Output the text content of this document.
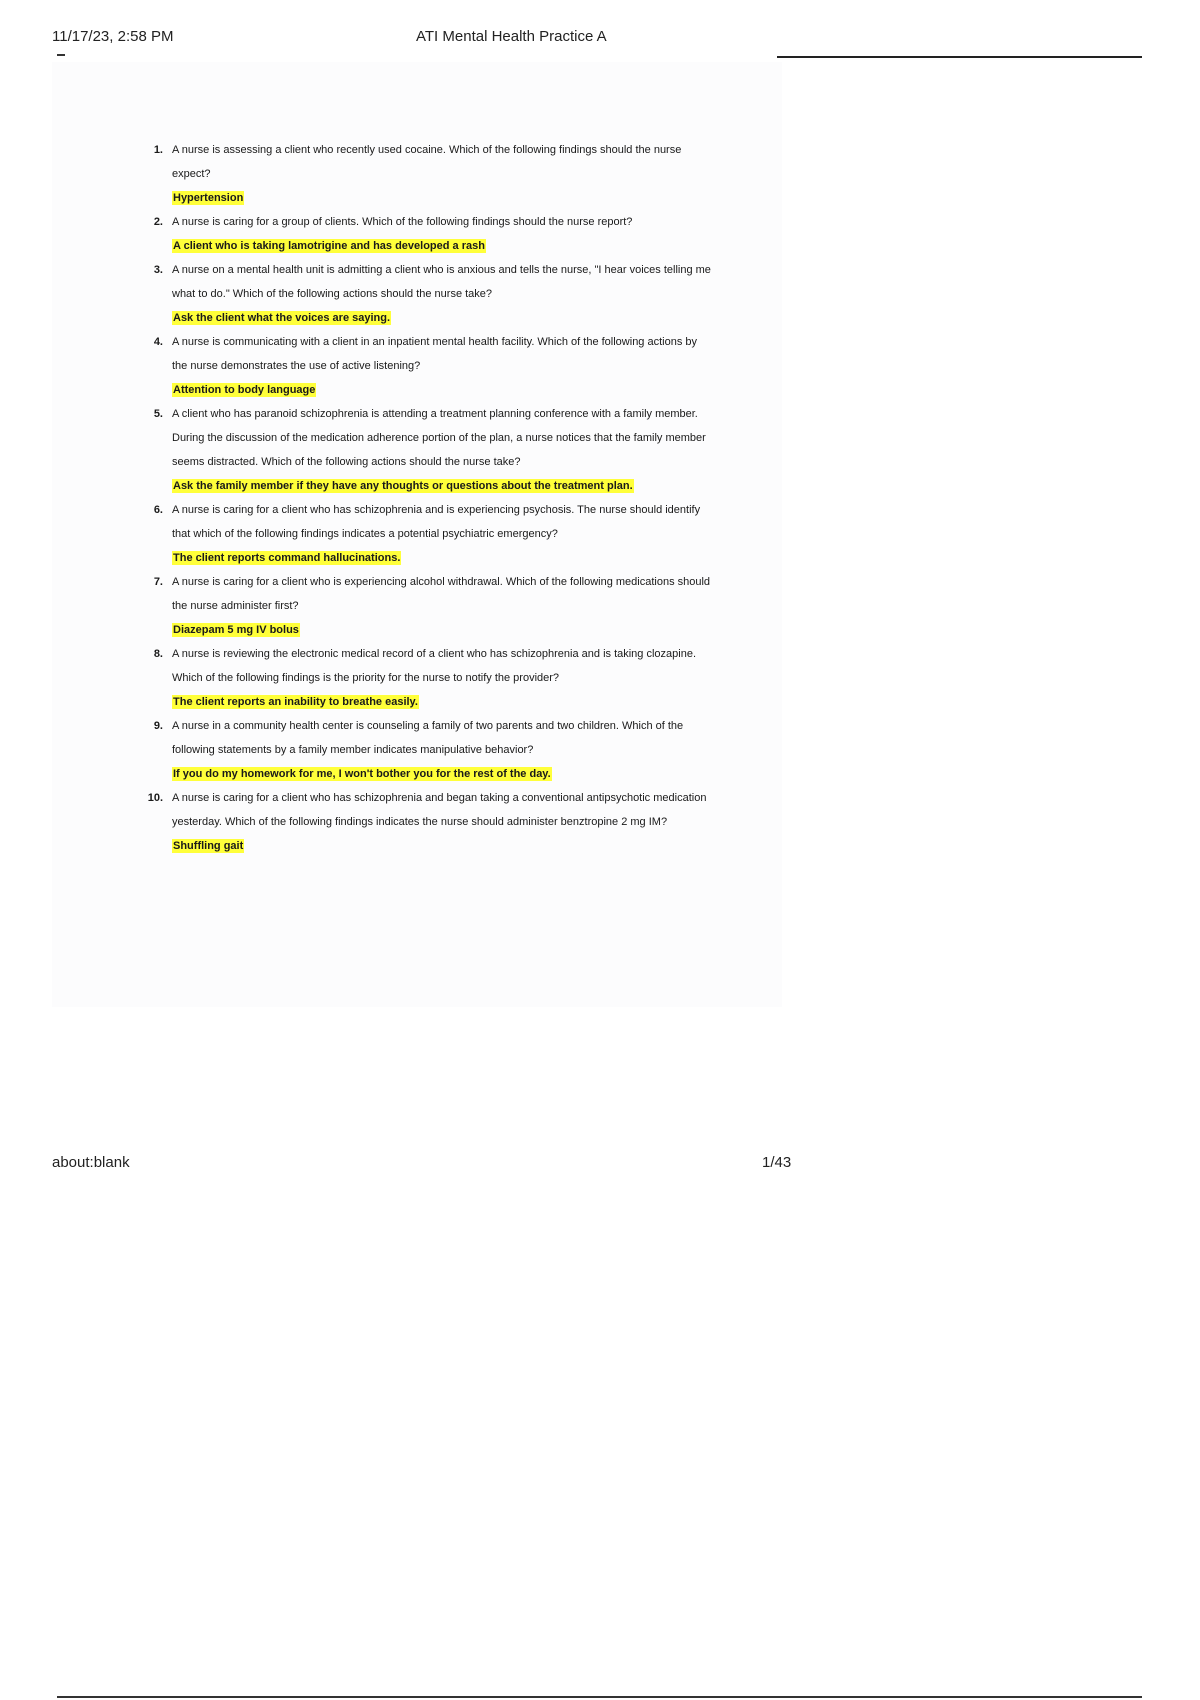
11/17/23, 2:58 PM	ATI Mental Health Practice A
1. A nurse is assessing a client who recently used cocaine. Which of the following findings should the nurse expect?
Hypertension
2. A nurse is caring for a group of clients. Which of the following findings should the nurse report?
A client who is taking lamotrigine and has developed a rash
3. A nurse on a mental health unit is admitting a client who is anxious and tells the nurse, "I hear voices telling me what to do." Which of the following actions should the nurse take?
Ask the client what the voices are saying.
4. A nurse is communicating with a client in an inpatient mental health facility. Which of the following actions by the nurse demonstrates the use of active listening?
Attention to body language
5. A client who has paranoid schizophrenia is attending a treatment planning conference with a family member. During the discussion of the medication adherence portion of the plan, a nurse notices that the family member seems distracted. Which of the following actions should the nurse take?
Ask the family member if they have any thoughts or questions about the treatment plan.
6. A nurse is caring for a client who has schizophrenia and is experiencing psychosis. The nurse should identify that which of the following findings indicates a potential psychiatric emergency?
The client reports command hallucinations.
7. A nurse is caring for a client who is experiencing alcohol withdrawal. Which of the following medications should the nurse administer first?
Diazepam 5 mg IV bolus
8. A nurse is reviewing the electronic medical record of a client who has schizophrenia and is taking clozapine. Which of the following findings is the priority for the nurse to notify the provider?
The client reports an inability to breathe easily.
9. A nurse in a community health center is counseling a family of two parents and two children. Which of the following statements by a family member indicates manipulative behavior?
If you do my homework for me, I won't bother you for the rest of the day.
10. A nurse is caring for a client who has schizophrenia and began taking a conventional antipsychotic medication yesterday. Which of the following findings indicates the nurse should administer benztropine 2 mg IM?
Shuffling gait
about:blank	1/43
